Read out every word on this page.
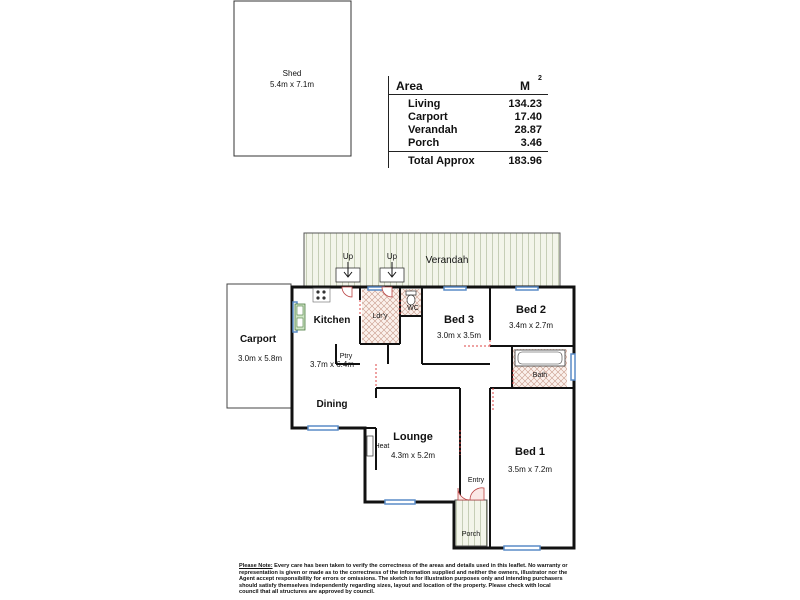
Shed
5.4m x 7.1m
Verandah
Carport
3.0m x 5.8m
Porch
Up	Up
Kitchen	Ldr'y
WC
Bed 3
3.0m x 3.5m
Bed 2
3.4m x 2.7m
Ptry
3.7m x 6.4m
Bath
Dining
Lounge
4.3m x 5.2m
Heat	Bed 1
3.5m x 7.2m
Entry
Area	M
2
Living	134.23
Carport	17.40
Verandah	28.87
Porch	3.46
Total Approx	183.96
Please Note: Every care has been taken to verify the correctness of the areas and details used in this leaflet. No warranty or representation is given or made as to the correctness of the information supplied and neither the owners, illustrator nor the Agent accept responsibility for errors or omissions. The sketch is for illustration purposes only and intending purchasers should satisfy themselves independently regarding sizes, layout and location of the property. Please check with local council that all structures are approved by council.
